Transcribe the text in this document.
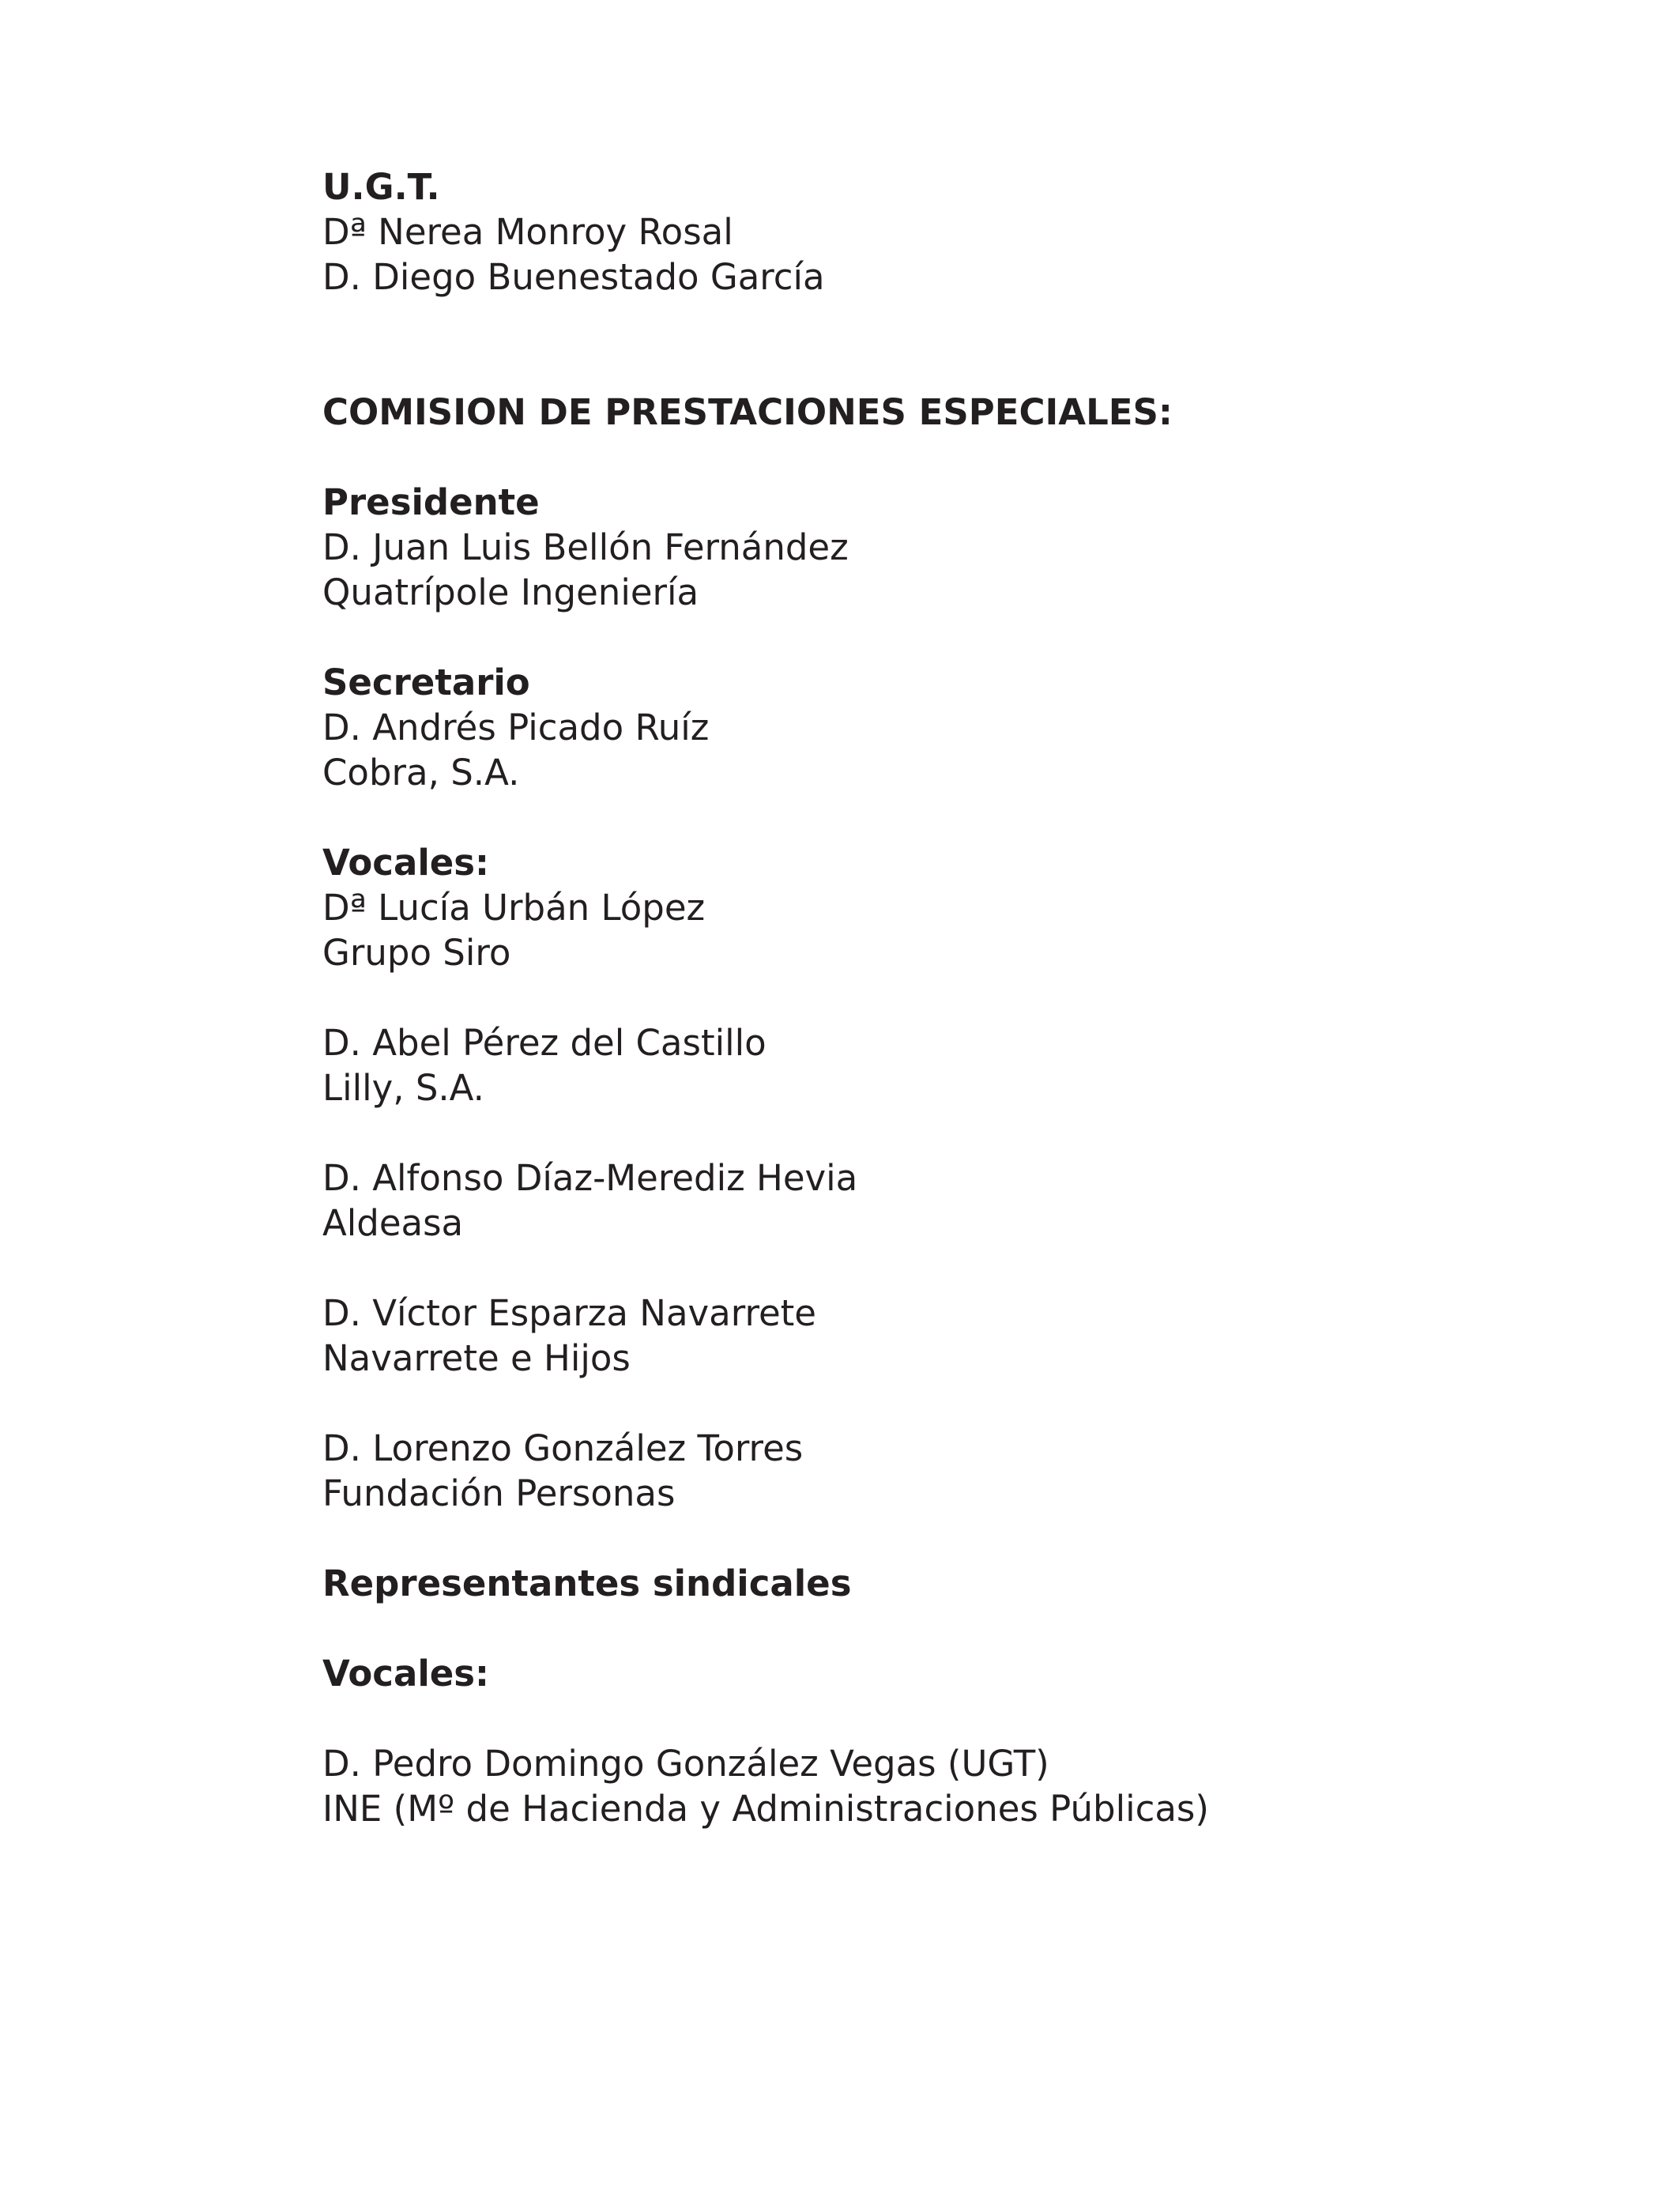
U.G.T.
Dª Nerea Monroy Rosal
D. Diego Buenestado García
COMISION DE PRESTACIONES ESPECIALES:
Presidente
D. Juan Luis Bellón Fernández
Quatrípole Ingeniería
Secretario
D. Andrés Picado Ruíz
Cobra, S.A.
Vocales:
Dª Lucía Urbán López
Grupo Siro
D. Abel Pérez del Castillo
Lilly, S.A.
D. Alfonso Díaz-Merediz Hevia
Aldeasa
D. Víctor Esparza Navarrete
Navarrete e Hijos
D. Lorenzo González Torres
Fundación Personas
Representantes sindicales
Vocales:
D. Pedro Domingo González Vegas (UGT)
INE (Mº de Hacienda y Administraciones Públicas)
